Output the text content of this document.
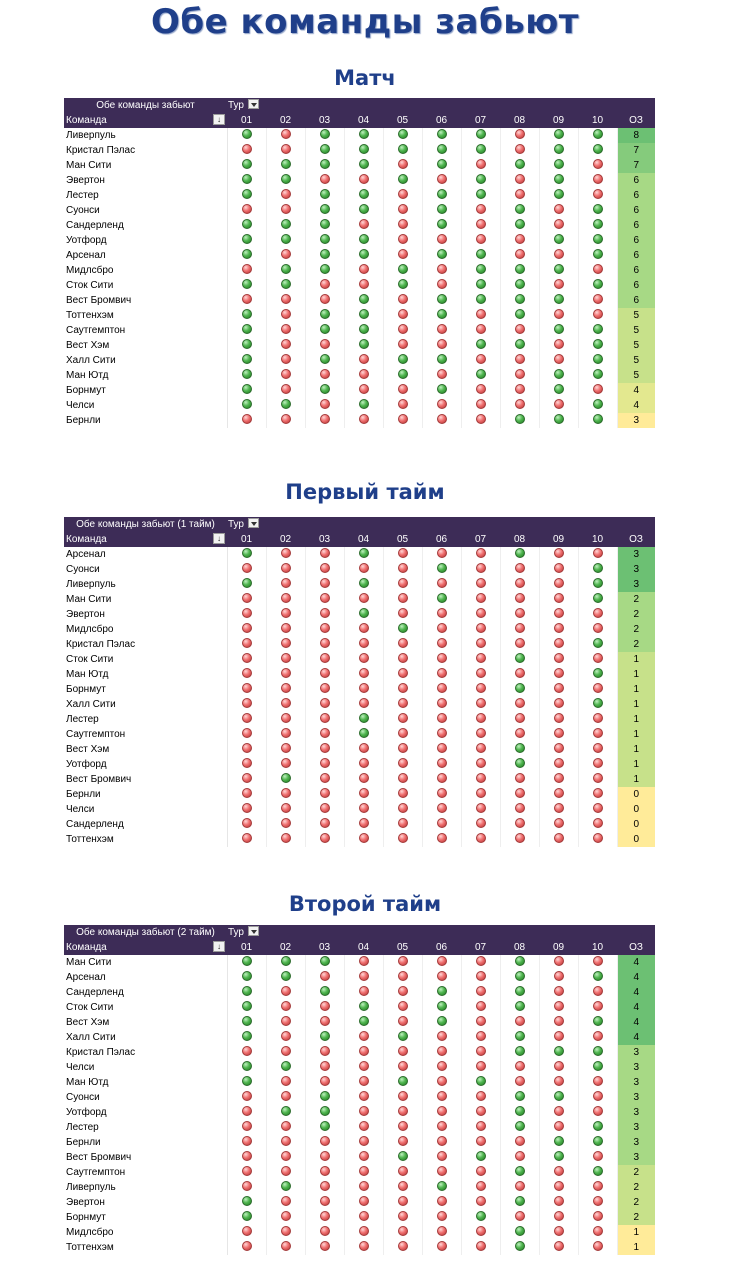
Обе команды забьют
Матч
Обе команды забьют	Тур										
Команда ↓	01	02	03	04	05	06	07	08	09	10	ОЗ
Ливерпуль											8
Кристал Пэлас											7
Ман Сити											7
Эвертон											6
Лестер											6
Суонси											6
Сандерленд											6
Уотфорд											6
Арсенал											6
Мидлсбро											6
Сток Сити											6
Вест Бромвич											6
Тоттенхэм											5
Саутгемптон											5
Вест Хэм											5
Халл Сити											5
Ман Ютд											5
Борнмут											4
Челси											4
Бернли											3
Первый тайм
Обе команды забьют (1 тайм)	Тур										
Команда ↓	01	02	03	04	05	06	07	08	09	10	ОЗ
Арсенал											3
Суонси											3
Ливерпуль											3
Ман Сити											2
Эвертон											2
Мидлсбро											2
Кристал Пэлас											2
Сток Сити											1
Ман Ютд											1
Борнмут											1
Халл Сити											1
Лестер											1
Саутгемптон											1
Вест Хэм											1
Уотфорд											1
Вест Бромвич											1
Бернли											0
Челси											0
Сандерленд											0
Тоттенхэм											0
Второй тайм
Обе команды забьют (2 тайм)	Тур										
Команда ↓	01	02	03	04	05	06	07	08	09	10	ОЗ
Ман Сити											4
Арсенал											4
Сандерленд											4
Сток Сити											4
Вест Хэм											4
Халл Сити											4
Кристал Пэлас											3
Челси											3
Ман Ютд											3
Суонси											3
Уотфорд											3
Лестер											3
Бернли											3
Вест Бромвич											3
Саутгемптон											2
Ливерпуль											2
Эвертон											2
Борнмут											2
Мидлсбро											1
Тоттенхэм											1
